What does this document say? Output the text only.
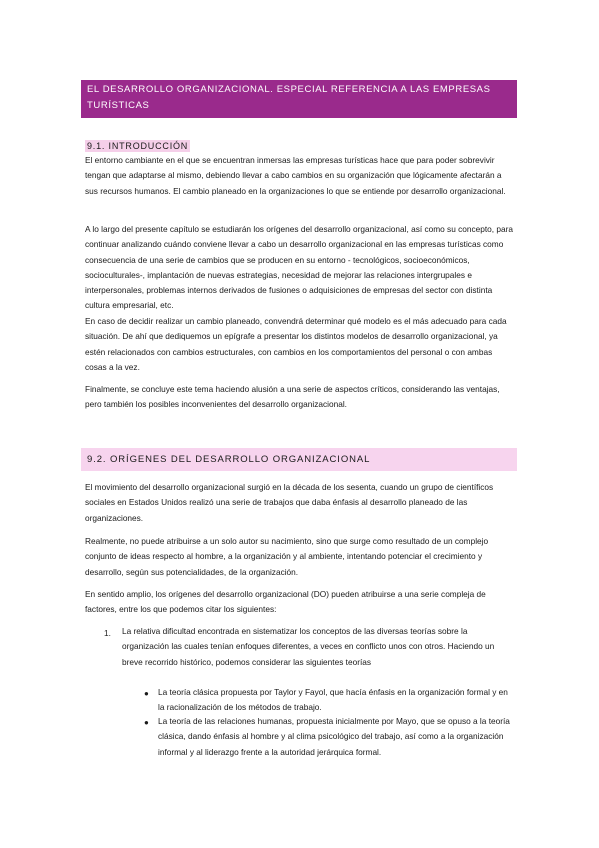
EL DESARROLLO ORGANIZACIONAL. ESPECIAL REFERENCIA A LAS EMPRESAS TURÍSTICAS
9.1. INTRODUCCIÓN

El entorno cambiante en el que se encuentran inmersas las empresas turísticas hace que para poder sobrevivir tengan que adaptarse al mismo, debiendo llevar a cabo cambios en su organización que lógicamente afectarán a sus recursos humanos. El cambio planeado en la organizaciones lo que se entiende por desarrollo organizacional.

A lo largo del presente capítulo se estudiarán los orígenes del desarrollo organizacional, así como su concepto, para continuar analizando cuándo conviene llevar a cabo un desarrollo organizacional en las empresas turísticas como consecuencia de una serie de cambios que se producen en su entorno - tecnológicos, socioeconómicos, socioculturales-, implantación de nuevas estrategias, necesidad de mejorar las relaciones intergrupales e interpersonales, problemas internos derivados de fusiones o adquisiciones de empresas del sector con distinta cultura empresarial, etc.

En caso de decidir realizar un cambio planeado, convendrá determinar qué modelo es el más adecuado para cada situación. De ahí que dediquemos un epígrafe a presentar los distintos modelos de desarrollo organizacional, ya estén relacionados con cambios estructurales, con cambios en los comportamientos del personal o con ambas cosas a la vez.

Finalmente, se concluye este tema haciendo alusión a una serie de aspectos críticos, considerando las ventajas, pero también los posibles inconvenientes del desarrollo organizacional.

9.2. ORÍGENES DEL DESARROLLO ORGANIZACIONAL

El movimiento del desarrollo organizacional surgió en la década de los sesenta, cuando un grupo de científicos sociales en Estados Unidos realizó una serie de trabajos que daba énfasis al desarrollo planeado de las organizaciones.

Realmente, no puede atribuirse a un solo autor su nacimiento, sino que surge como resultado de un complejo conjunto de ideas respecto al hombre, a la organización y al ambiente, intentando potenciar el crecimiento y desarrollo, según sus potencialidades, de la organización.

En sentido amplio, los orígenes del desarrollo organizacional (DO) pueden atribuirse a una serie compleja de factores, entre los que podemos citar los siguientes:

1. La relativa dificultad encontrada en sistematizar los conceptos de las diversas teorías sobre la organización las cuales tenían enfoques diferentes, a veces en conflicto unos con otros. Haciendo un breve recorrido histórico, podemos considerar las siguientes teorías

● La teoría clásica propuesta por Taylor y Fayol, que hacía énfasis en la organización formal y en la racionalización de los métodos de trabajo.

● La teoría de las relaciones humanas, propuesta inicialmente por Mayo, que se opuso a la teoría clásica, dando énfasis al hombre y al clima psicológico del trabajo, así como a la organización informal y al liderazgo frente a la autoridad jerárquica formal.
